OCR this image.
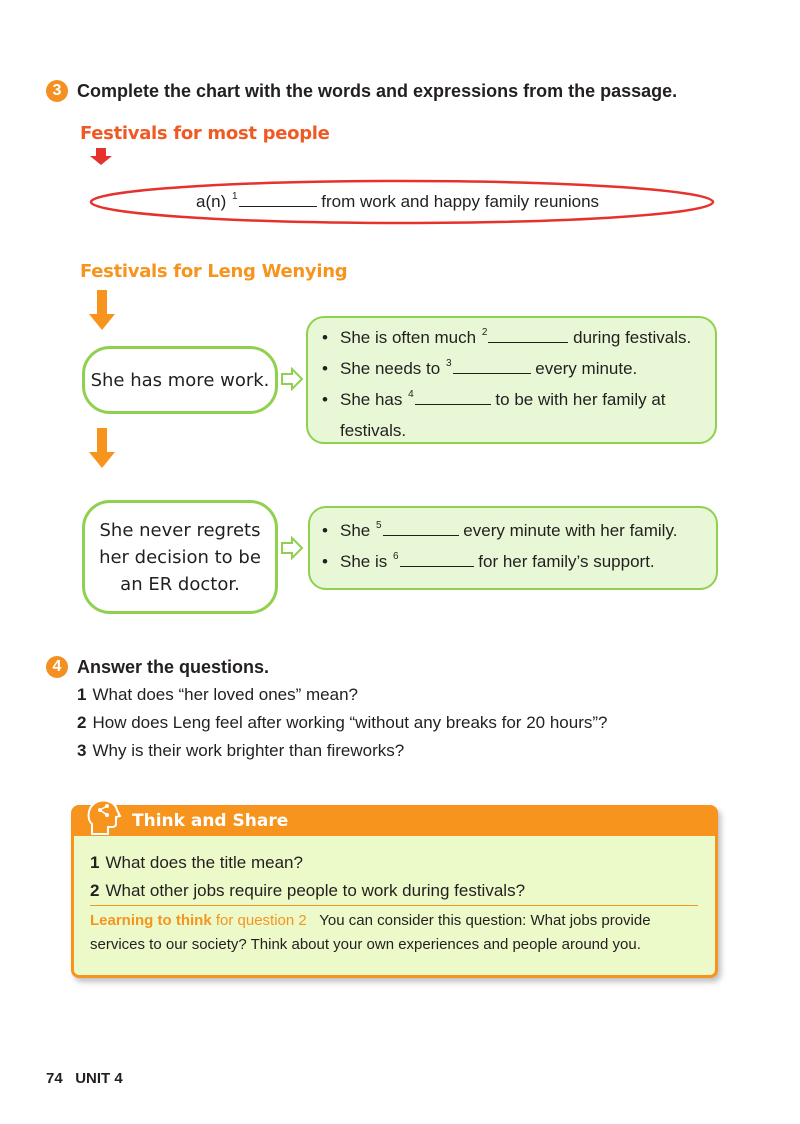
3 Complete the chart with the words and expressions from the passage.
Festivals for most people
a(n) $^1$	from work and happy family reunions
Festivals for Leng Wenying
She has more work.
• She is often much $^2$	during festivals.
• She needs to $^3$	every minute.
• She has $^4$	to be with her family at
festivals.
She never regrets
her decision to be
an ER doctor.
• She $^5$	every minute with her family.
• She is $^6$	for her family’s support.
4 Answer the questions.
1 What does “her loved ones” mean?
2 How does Leng feel after working “without any breaks for 20 hours”?
3 Why is their work brighter than fireworks?
Think and Share
1 What does the title mean?
2 What other jobs require people to work during festivals?
Learning to think for question 2 You can consider this question: What jobs provide
services to our society? Think about your own experiences and people around you.
74 UNIT 4
